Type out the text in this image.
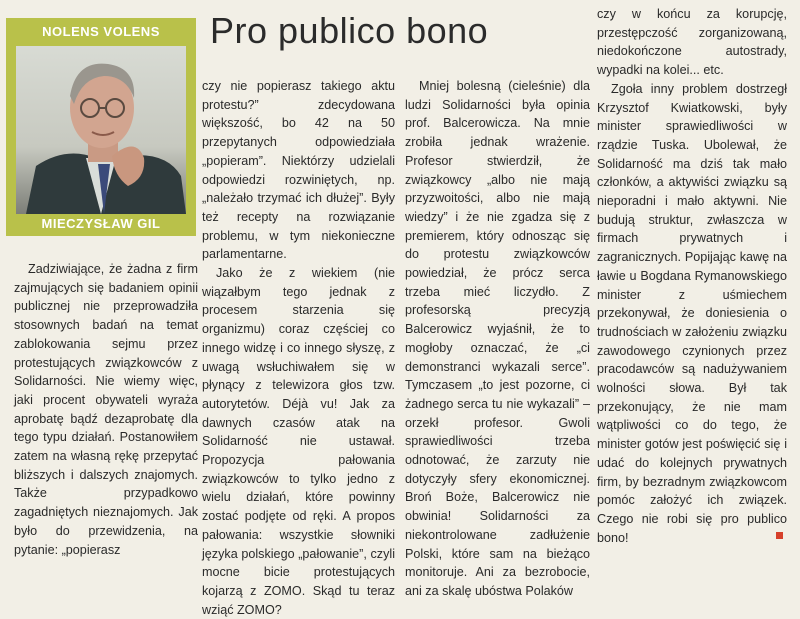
NOLENS VOLENS
MIECZYSŁAW GIL
Pro publico bono

Zadziwiające, że żadna z firm zajmujących się badaniem opinii publicznej nie przeprowadziła stosownych badań na temat zablokowania sejmu przez protestujących związkowców z Solidarności. Nie wiemy więc, jaki procent obywateli wyraża aprobatę bądź dezaprobatę dla tego typu działań. Postanowiłem zatem na własną rękę przepytać bliższych i dalszych znajomych. Także przypadkowo zagadniętych nieznajomych. Jak było do przewidzenia, na pytanie: „popierasz

czy nie popierasz takiego aktu protestu?” zdecydowana większość, bo 42 na 50 przepytanych odpowiedziała „popieram”. Niektórzy udzielali odpowiedzi rozwiniętych, np. „należało trzymać ich dłużej”. Były też recepty na rozwiązanie problemu, w tym niekonieczne parlamentarne.

Jako że z wiekiem (nie wiązałbym tego jednak z procesem starzenia się organizmu) coraz częściej co innego widzę i co innego słyszę, z uwagą wsłuchiwałem się w płynący z telewizora głos tzw. autorytetów. Déjà vu! Jak za dawnych czasów atak na Solidarność nie ustawał. Propozycja pałowania związkowców to tylko jedno z wielu działań, które powinny zostać podjęte od ręki. A propos pałowania: wszystkie słowniki języka polskiego „pałowanie”, czyli mocne bicie protestujących kojarzą z ZOMO. Skąd tu teraz wziąć ZOMO?

Mniej bolesną (cieleśnie) dla ludzi Solidarności była opinia prof. Balcerowicza. Na mnie zrobiła jednak wrażenie. Profesor stwierdził, że związkowcy „albo nie mają przyzwoitości, albo nie mają wiedzy” i że nie zgadza się z premierem, który odnosząc się do protestu związkowców powiedział, że prócz serca trzeba mieć liczydło. Z profesorską precyzją Balcerowicz wyjaśnił, że to mogłoby oznaczać, że „ci demonstranci wykazali serce”. Tymczasem „to jest pozorne, ci żadnego serca tu nie wykazali” – orzekł profesor. Gwoli sprawiedliwości trzeba odnotować, że zarzuty nie dotyczyły sfery ekonomicznej. Broń Boże, Balcerowicz nie obwinia! Solidarności za niekontrolowane zadłużenie Polski, które sam na bieżąco monitoruje. Ani za bezrobocie, ani za skalę ubóstwa Polaków

czy w końcu za korupcję, przestępczość zorganizowaną, niedokończone autostrady, wypadki na kolei... etc.

Zgoła inny problem dostrzegł Krzysztof Kwiatkowski, były minister sprawiedliwości w rządzie Tuska. Ubolewał, że Solidarność ma dziś tak mało członków, a aktywiści związku są nieporadni i mało aktywni. Nie budują struktur, zwłaszcza w firmach prywatnych i zagranicznych. Popijając kawę na ławie u Bogdana Rymanowskiego minister z uśmiechem przekonywał, że doniesienia o trudnościach w założeniu związku zawodowego czynionych przez pracodawców są nadużywaniem wolności słowa. Był tak przekonujący, że nie mam wątpliwości co do tego, że minister gotów jest poświęcić się i udać do kolejnych prywatnych firm, by bezradnym związkowcom pomóc założyć ich związek. Czego nie robi się pro publico bono!
